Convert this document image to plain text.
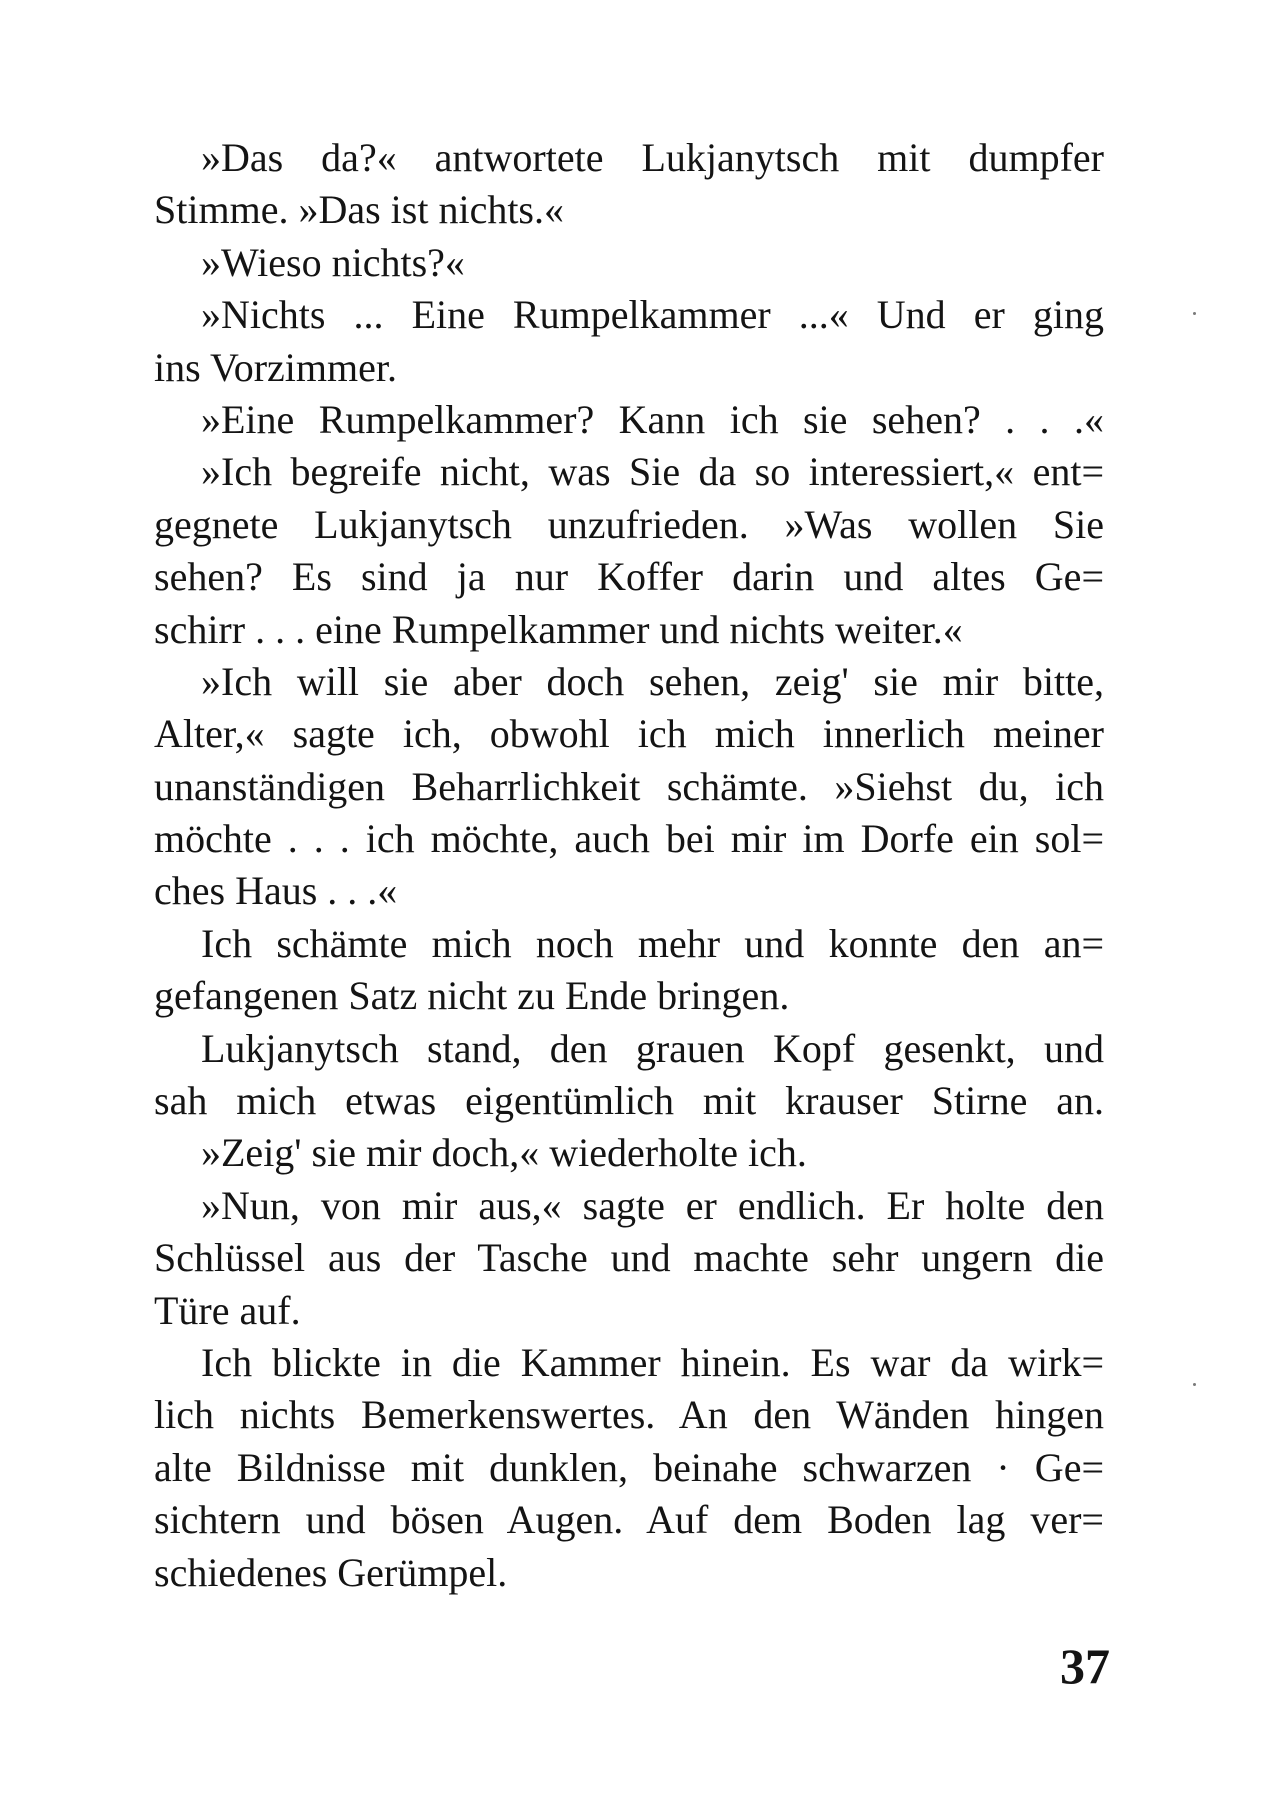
»Das da?« antwortete Lukjanytsch mit dumpfer
Stimme. »Das ist nichts.«
»Wieso nichts?«
»Nichts ... Eine Rumpelkammer ...« Und er ging
ins Vorzimmer.
»Eine Rumpelkammer? Kann ich sie sehen? . . .«
»Ich begreife nicht, was Sie da so interessiert,« ent=
gegnete Lukjanytsch unzufrieden. »Was wollen Sie
sehen? Es sind ja nur Koffer darin und altes Ge=
schirr . . . eine Rumpelkammer und nichts weiter.«
»Ich will sie aber doch sehen, zeig' sie mir bitte,
Alter,« sagte ich, obwohl ich mich innerlich meiner
unanständigen Beharrlichkeit schämte. »Siehst du, ich
möchte . . . ich möchte, auch bei mir im Dorfe ein sol=
ches Haus . . .«
Ich schämte mich noch mehr und konnte den an=
gefangenen Satz nicht zu Ende bringen.
Lukjanytsch stand, den grauen Kopf gesenkt, und
sah mich etwas eigentümlich mit krauser Stirne an.
»Zeig' sie mir doch,« wiederholte ich.
»Nun, von mir aus,« sagte er endlich. Er holte den
Schlüssel aus der Tasche und machte sehr ungern die
Türe auf.
Ich blickte in die Kammer hinein. Es war da wirk=
lich nichts Bemerkenswertes. An den Wänden hingen
alte Bildnisse mit dunklen, beinahe schwarzen · Ge=
sichtern und bösen Augen. Auf dem Boden lag ver=
schiedenes Gerümpel.
37
